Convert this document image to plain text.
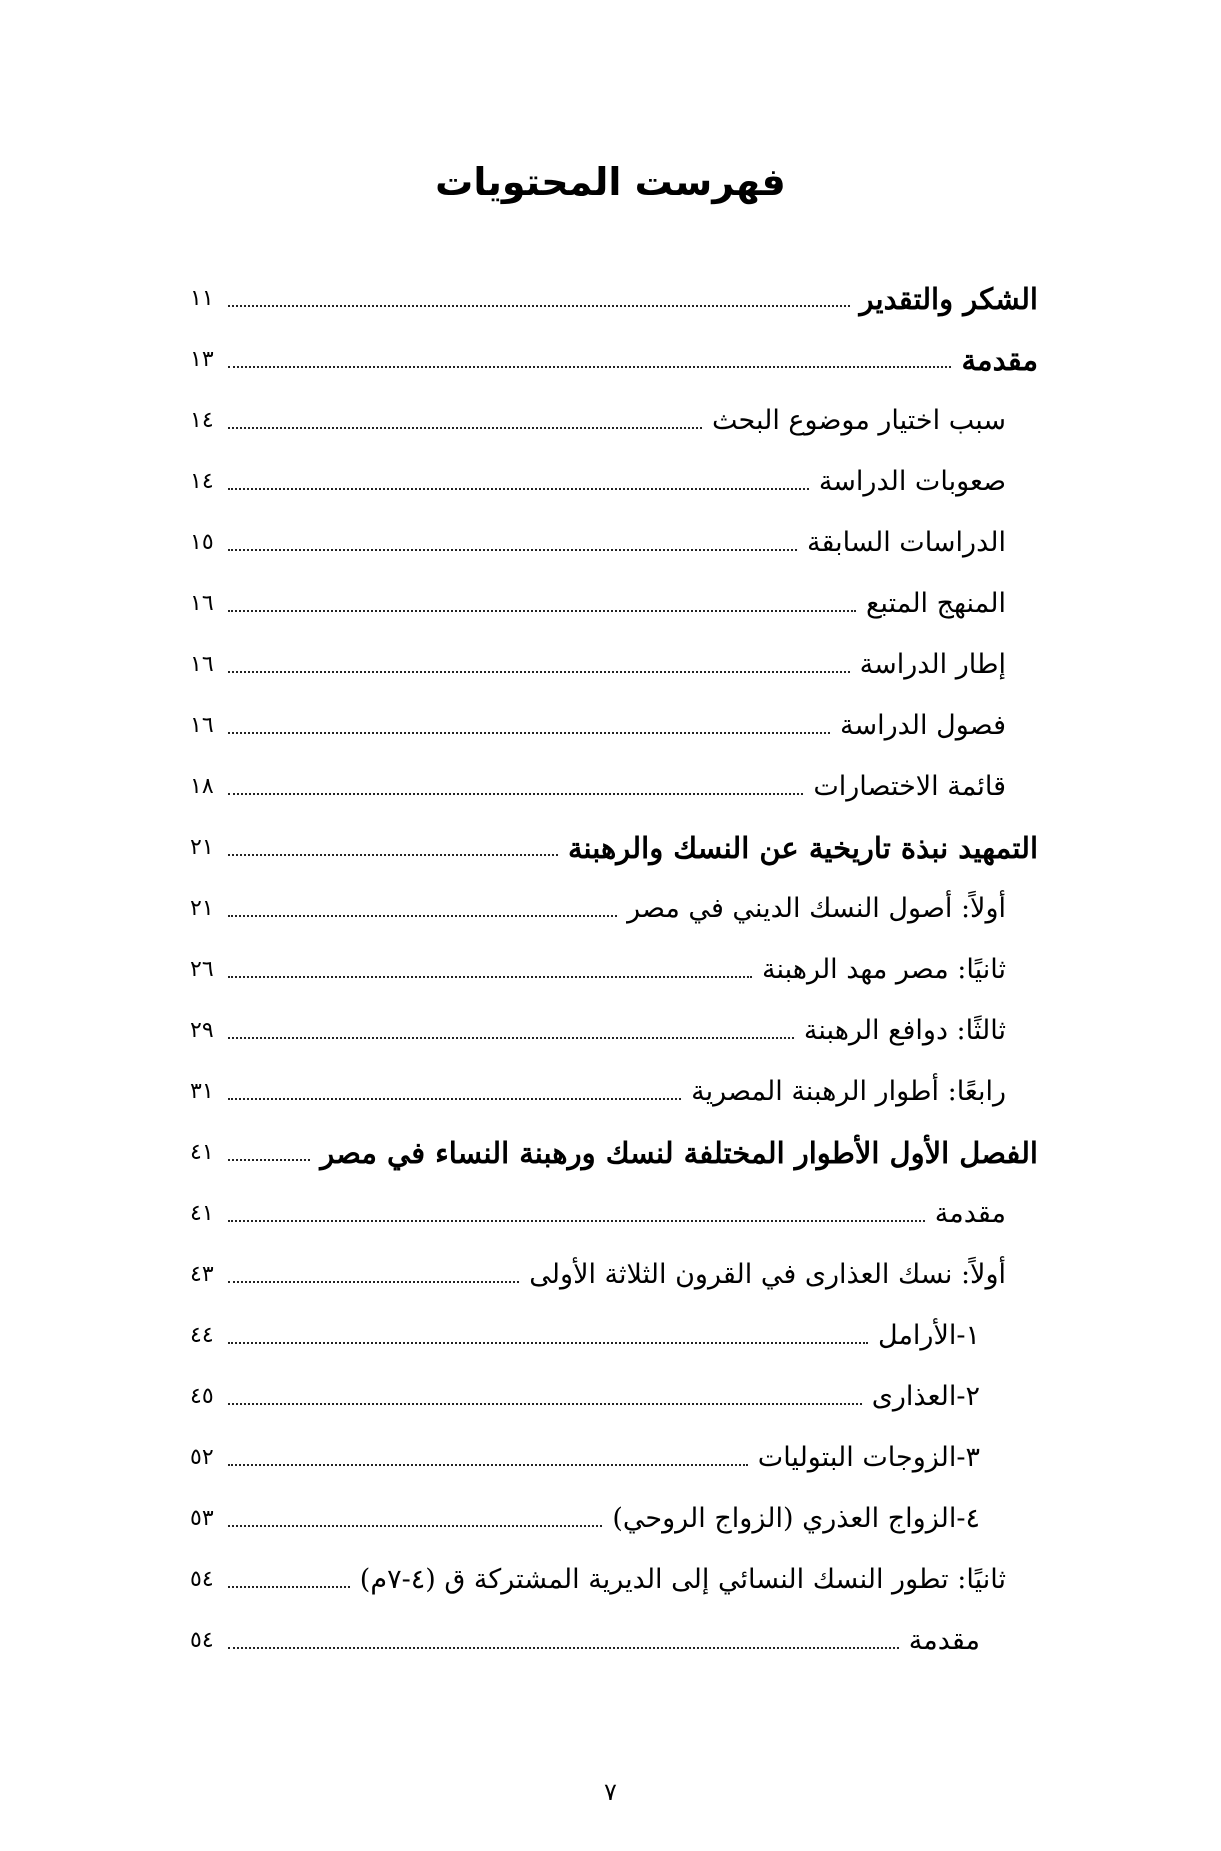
فهرست المحتويات
الشكر والتقدير
١١
مقدمة
١٣
سبب اختيار موضوع البحث
١٤
صعوبات الدراسة
١٤
الدراسات السابقة
١٥
المنهج المتبع
١٦
إطار الدراسة
١٦
فصول الدراسة
١٦
قائمة الاختصارات
١٨
التمهيد نبذة تاريخية عن النسك والرهبنة
٢١
أولاً: أصول النسك الديني في مصر
٢١
ثانيًا: مصر مهد الرهبنة
٢٦
ثالثًا: دوافع الرهبنة
٢٩
رابعًا: أطوار الرهبنة المصرية
٣١
الفصل الأول الأطوار المختلفة لنسك ورهبنة النساء في مصر
٤١
مقدمة
٤١
أولاً: نسك العذارى في القرون الثلاثة الأولى
٤٣
١-الأرامل
٤٤
٢-العذارى
٤٥
٣-الزوجات البتوليات
٥٢
٤-الزواج العذري (الزواج الروحي)
٥٣
ثانيًا: تطور النسك النسائي إلى الديرية المشتركة ق (٤-٧م)
٥٤
مقدمة
٥٤
٧
